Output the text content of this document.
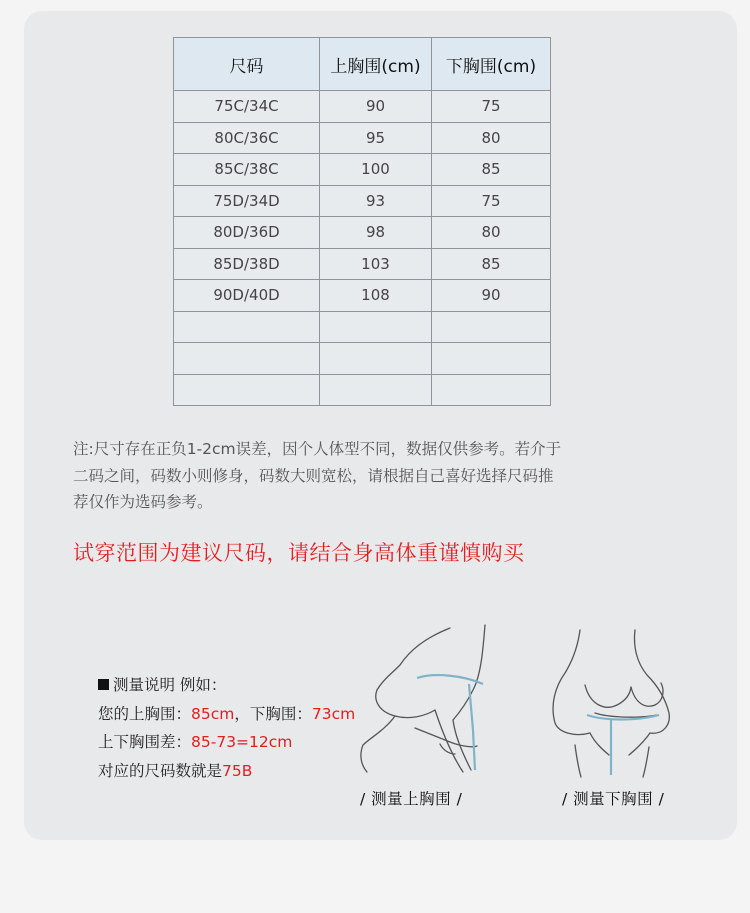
尺码	上胸围(cm)	下胸围(cm)
75C/34C	90	75
80C/36C	95	80
85C/38C	100	85
75D/34D	93	75
80D/36D	98	80
85D/38D	103	85
90D/40D	108	90

注:尺寸存在正负1-2cm误差，因个人体型不同，数据仅供参考。若介于
二码之间，码数小则修身，码数大则宽松，请根据自己喜好选择尺码推
荐仅作为选码参考。
试穿范围为建议尺码，请结合身高体重谨慎购买
测量说明 例如：
您的上胸围：85cm，下胸围：73cm
上下胸围差：85-73=12cm
对应的尺码数就是75B
/ 测量上胸围 /	/ 测量下胸围 /
